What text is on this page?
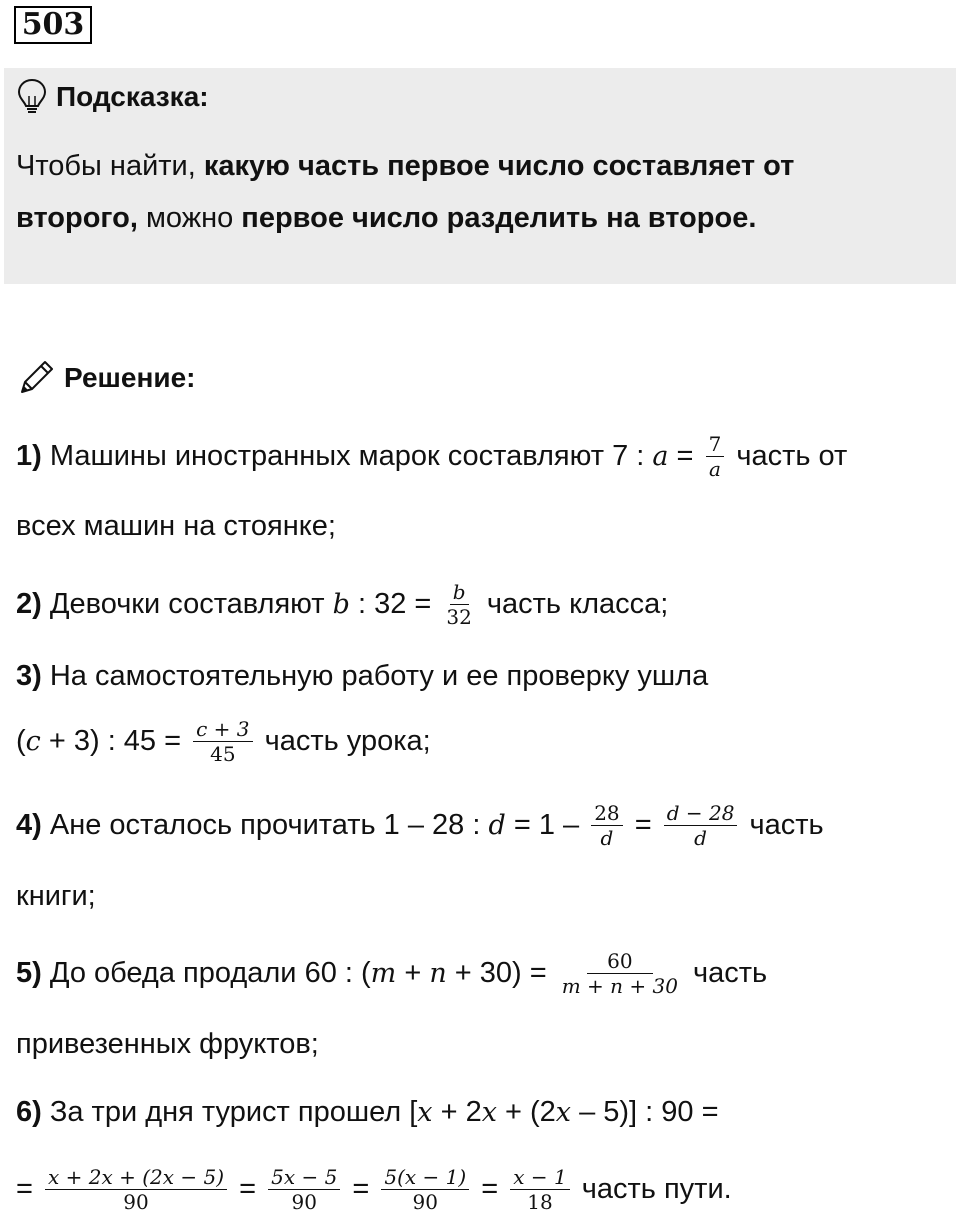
503
Подсказка:
Чтобы найти, какую часть первое число составляет от второго, можно первое число разделить на второе.
Решение:
1) Машины иностранных марок составляют 7 : $a = \frac{7}{a}$ часть от
всех машин на стоянке;
2) Девочки составляют b : $32 = \frac{b}{32}$ часть класса;
3) На самостоятельную работу и ее проверку ушла
( c + 3) : $45 = \frac{c + 3}{45}$ часть урока;
4) Ане осталось прочитать 1 – 28 : $d = 1 - \frac{28}{d} = \frac{d - 28}{d}$ часть
книги;
5) До обеда продали 60 : ( $m + n + 30) = \frac{60}{m + n + 30}$ часть
привезенных фруктов;
6) За три дня турист прошел [ x + 2 x + (2 x – 5)] : 90 =
= $\frac{x + 2x + (2x - 5)}{90} = \frac{5x - 5}{90} = \frac{5(x - 1)}{90} = \frac{x - 1}{18}$ часть пути.
